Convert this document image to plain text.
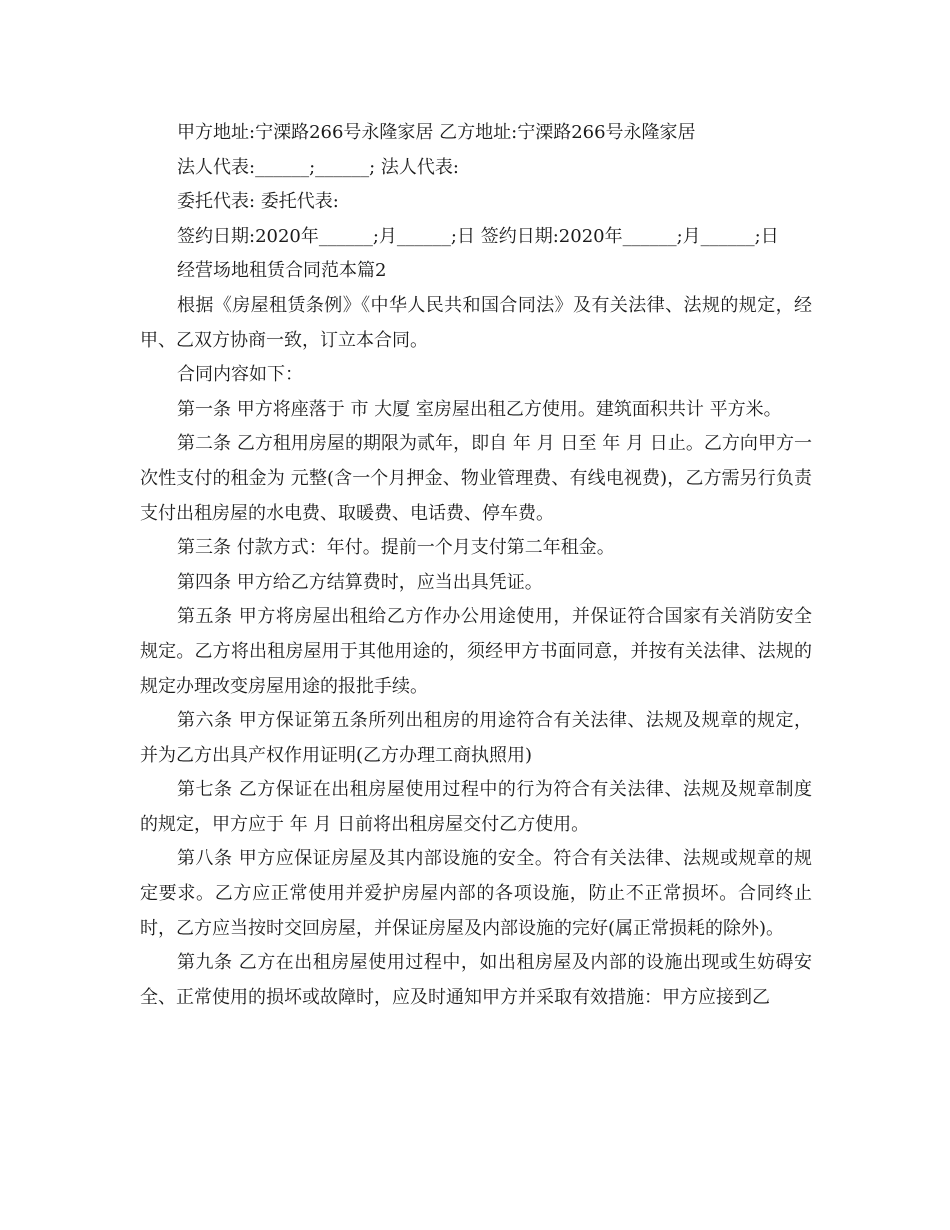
甲方地址:宁溧路266号永隆家居 乙方地址:宁溧路266号永隆家居

法人代表:______;______; 法人代表:

委托代表: 委托代表:

签约日期:2020年______;月______;日 签约日期:2020年______;月______;日

经营场地租赁合同范本篇2

根据《房屋租赁条例》《中华人民共和国合同法》及有关法律、法规的规定，经甲、乙双方协商一致，订立本合同。

合同内容如下：

第一条 甲方将座落于 市 大厦 室房屋出租乙方使用。建筑面积共计 平方米。

第二条 乙方租用房屋的期限为贰年，即自 年 月 日至 年 月 日止。乙方向甲方一次性支付的租金为 元整(含一个月押金、物业管理费、有线电视费)，乙方需另行负责支付出租房屋的水电费、取暖费、电话费、停车费。

第三条 付款方式：年付。提前一个月支付第二年租金。

第四条 甲方给乙方结算费时，应当出具凭证。

第五条 甲方将房屋出租给乙方作办公用途使用，并保证符合国家有关消防安全规定。乙方将出租房屋用于其他用途的，须经甲方书面同意，并按有关法律、法规的规定办理改变房屋用途的报批手续。

第六条 甲方保证第五条所列出租房的用途符合有关法律、法规及规章的规定，并为乙方出具产权作用证明(乙方办理工商执照用)

第七条 乙方保证在出租房屋使用过程中的行为符合有关法律、法规及规章制度的规定，甲方应于 年 月 日前将出租房屋交付乙方使用。

第八条 甲方应保证房屋及其内部设施的安全。符合有关法律、法规或规章的规定要求。乙方应正常使用并爱护房屋内部的各项设施，防止不正常损坏。合同终止时，乙方应当按时交回房屋，并保证房屋及内部设施的完好(属正常损耗的除外)。

第九条 乙方在出租房屋使用过程中，如出租房屋及内部的设施出现或生妨碍安全、正常使用的损坏或故障时，应及时通知甲方并采取有效措施：甲方应接到乙
